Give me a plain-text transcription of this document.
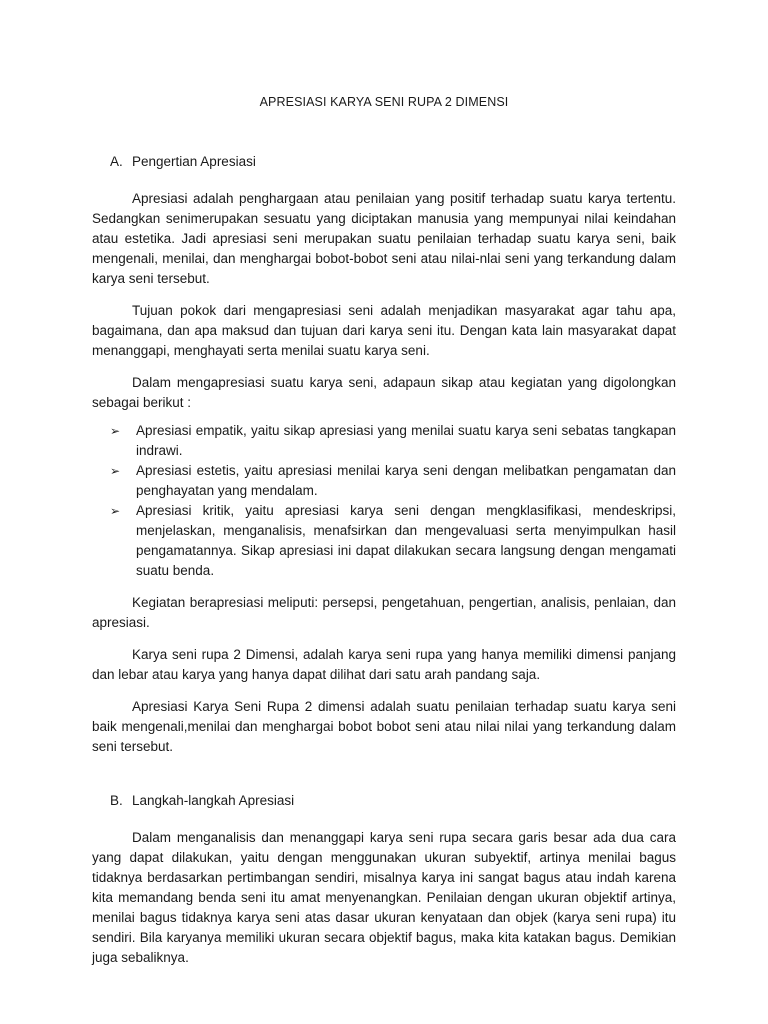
APRESIASI KARYA SENI RUPA 2 DIMENSI
A. Pengertian Apresiasi

Apresiasi adalah penghargaan atau penilaian yang positif terhadap suatu karya tertentu. Sedangkan senimerupakan sesuatu yang diciptakan manusia yang mempunyai nilai keindahan atau estetika. Jadi apresiasi seni merupakan suatu penilaian terhadap suatu karya seni, baik mengenali, menilai, dan menghargai bobot-bobot seni atau nilai-nlai seni yang terkandung dalam karya seni tersebut.

Tujuan pokok dari mengapresiasi seni adalah menjadikan masyarakat agar tahu apa, bagaimana, dan apa maksud dan tujuan dari karya seni itu. Dengan kata lain masyarakat dapat menanggapi, menghayati serta menilai suatu karya seni.

Dalam mengapresiasi suatu karya seni, adapaun sikap atau kegiatan yang digolongkan sebagai berikut :

➢ Apresiasi empatik, yaitu sikap apresiasi yang menilai suatu karya seni sebatas tangkapan indrawi.
➢ Apresiasi estetis, yaitu apresiasi menilai karya seni dengan melibatkan pengamatan dan penghayatan yang mendalam.
➢ Apresiasi kritik, yaitu apresiasi karya seni dengan mengklasifikasi, mendeskripsi, menjelaskan, menganalisis, menafsirkan dan mengevaluasi serta menyimpulkan hasil pengamatannya. Sikap apresiasi ini dapat dilakukan secara langsung dengan mengamati suatu benda.

Kegiatan berapresiasi meliputi: persepsi, pengetahuan, pengertian, analisis, penlaian, dan apresiasi.

Karya seni rupa 2 Dimensi, adalah karya seni rupa yang hanya memiliki dimensi panjang dan lebar atau karya yang hanya dapat dilihat dari satu arah pandang saja.

Apresiasi Karya Seni Rupa 2 dimensi adalah suatu penilaian terhadap suatu karya seni baik mengenali,menilai dan menghargai bobot bobot seni atau nilai nilai yang terkandung dalam seni tersebut.

B. Langkah-langkah Apresiasi

Dalam menganalisis dan menanggapi karya seni rupa secara garis besar ada dua cara yang dapat dilakukan, yaitu dengan menggunakan ukuran subyektif, artinya menilai bagus tidaknya berdasarkan pertimbangan sendiri, misalnya karya ini sangat bagus atau indah karena kita memandang benda seni itu amat menyenangkan. Penilaian dengan ukuran objektif artinya, menilai bagus tidaknya karya seni atas dasar ukuran kenyataan dan objek (karya seni rupa) itu sendiri. Bila karyanya memiliki ukuran secara objektif bagus, maka kita katakan bagus. Demikian juga sebaliknya.
